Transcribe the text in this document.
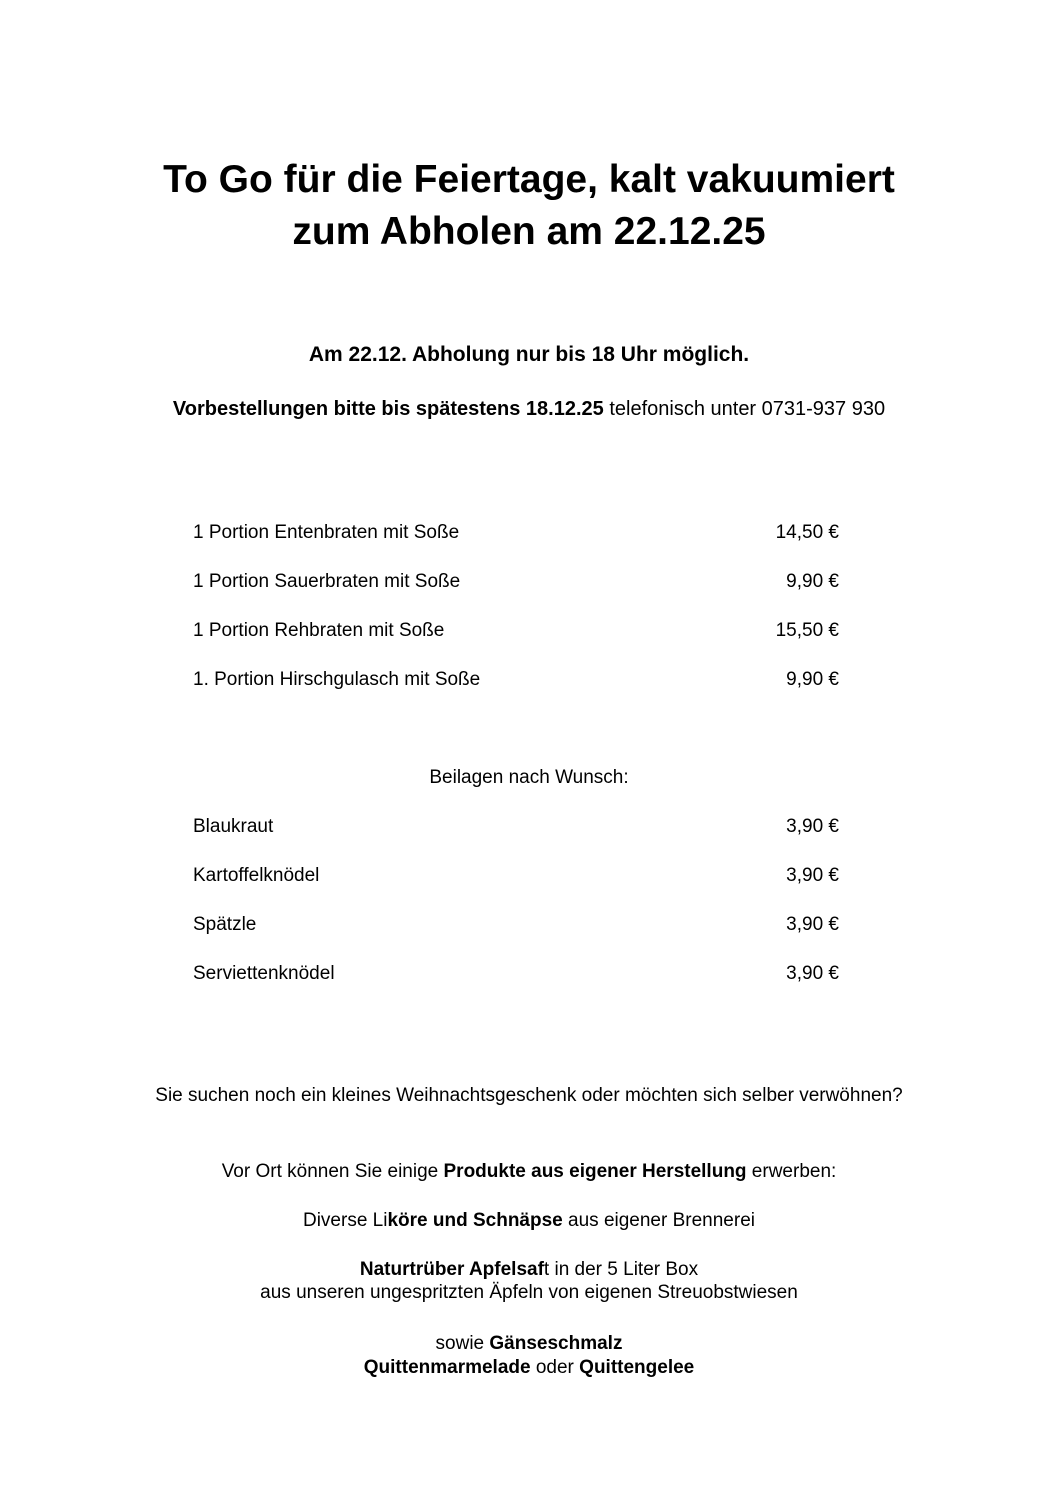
To Go für die Feiertage, kalt vakuumiert
zum Abholen am 22.12.25
Am 22.12. Abholung nur bis 18 Uhr möglich.
Vorbestellungen bitte bis spätestens 18.12.25 telefonisch unter 0731-937 930
1 Portion Entenbraten mit Soße	14,50 €
1 Portion Sauerbraten mit Soße	9,90 €
1 Portion Rehbraten mit Soße	15,50 €
1. Portion Hirschgulasch mit Soße	9,90 €
Beilagen nach Wunsch:
Blaukraut	3,90 €
Kartoffelknödel	3,90 €
Spätzle	3,90 €
Serviettenknödel	3,90 €
Sie suchen noch ein kleines Weihnachtsgeschenk oder möchten sich selber verwöhnen?
Vor Ort können Sie einige Produkte aus eigener Herstellung erwerben:
Diverse Liköre und Schnäpse aus eigener Brennerei
Naturtrüber Apfelsaft in der 5 Liter Box
aus unseren ungespritzten Äpfeln von eigenen Streuobstwiesen
sowie Gänseschmalz
Quittenmarmelade oder Quittengelee
